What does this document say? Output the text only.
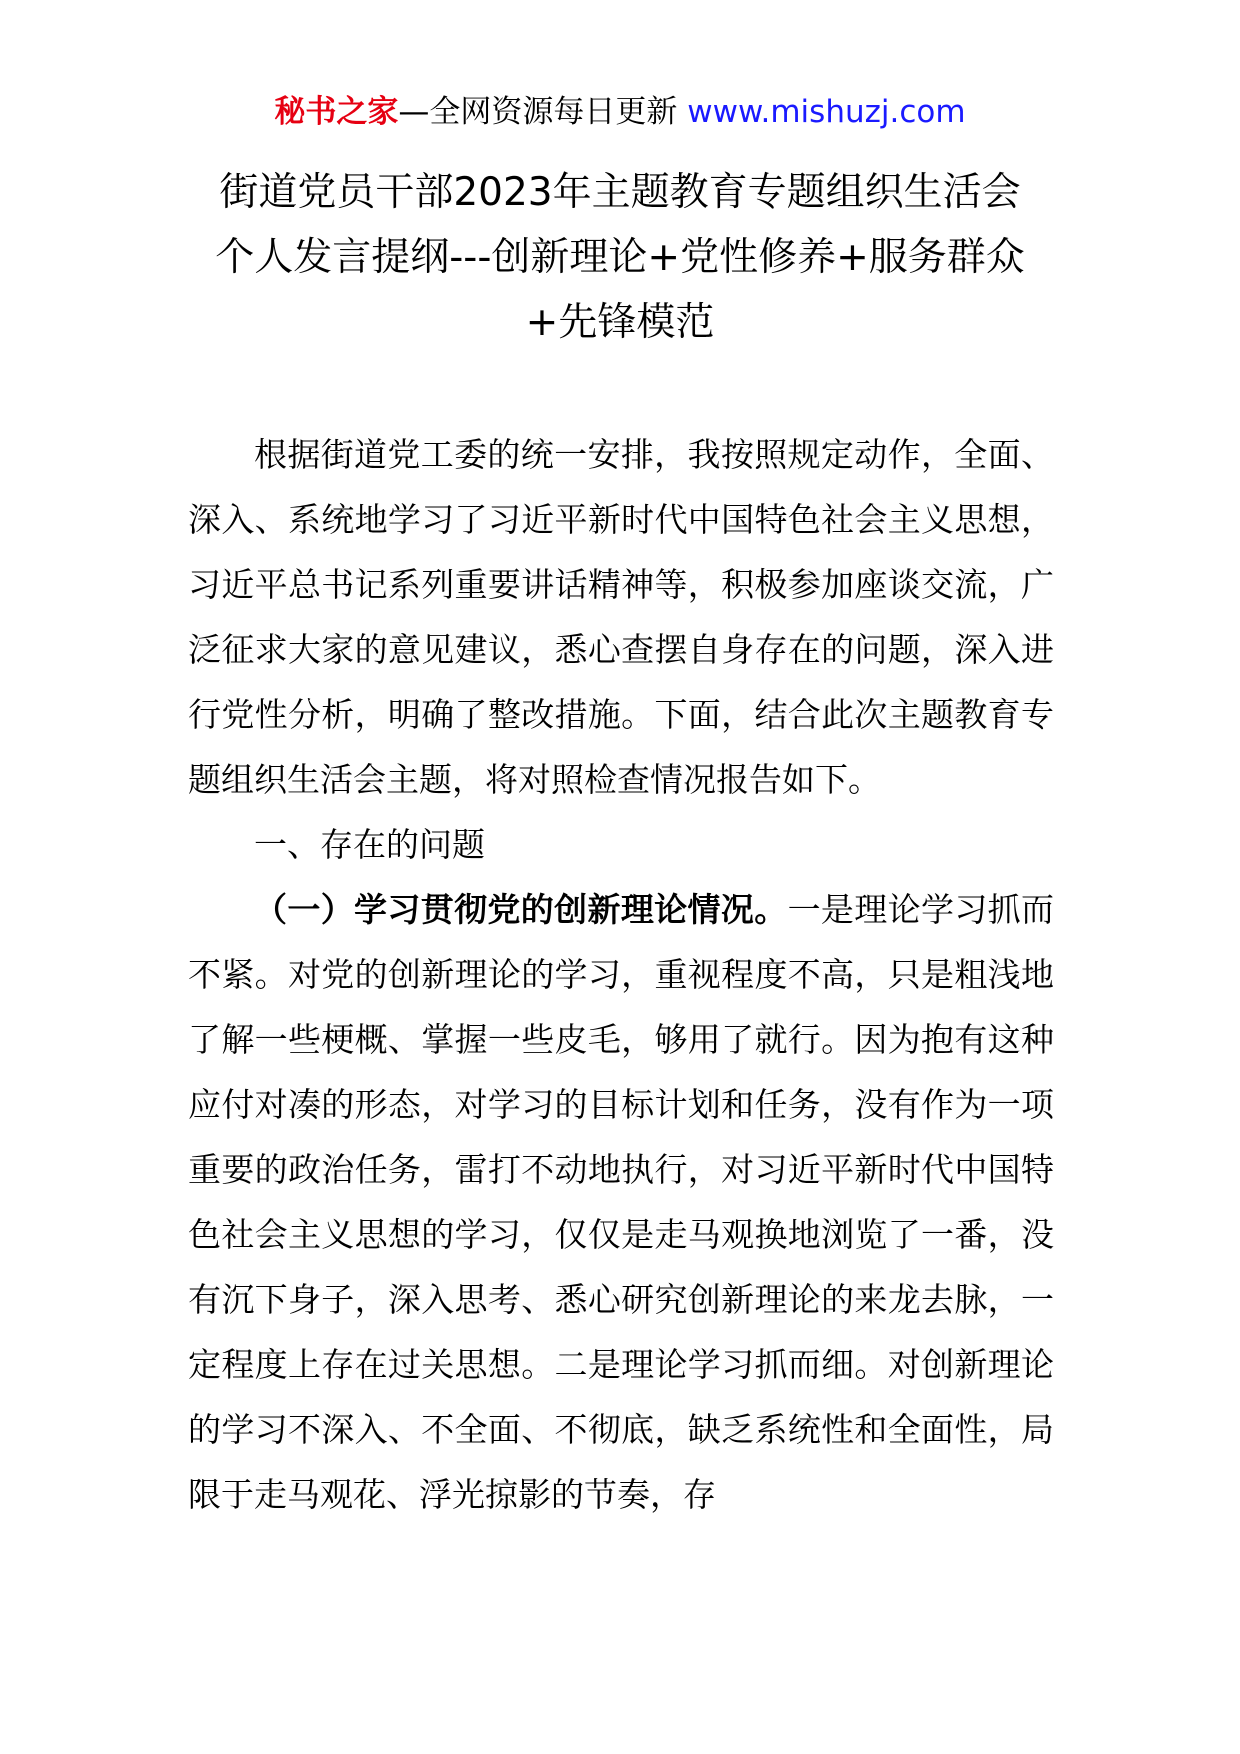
秘书之家—全网资源每日更新 www.mishuzj.com
街道党员干部2023年主题教育专题组织生活会
个人发言提纲---创新理论+党性修养+服务群众
+先锋模范

根据街道党工委的统一安排，我按照规定动作，全面、深入、系统地学习了习近平新时代中国特色社会主义思想，习近平总书记系列重要讲话精神等，积极参加座谈交流，广泛征求大家的意见建议，悉心查摆自身存在的问题，深入进行党性分析，明确了整改措施。下面，结合此次主题教育专题组织生活会主题，将对照检查情况报告如下。

一、存在的问题

（一）学习贯彻党的创新理论情况。一是理论学习抓而不紧。对党的创新理论的学习，重视程度不高，只是粗浅地了解一些梗概、掌握一些皮毛，够用了就行。因为抱有这种应付对凑的形态，对学习的目标计划和任务，没有作为一项重要的政治任务，雷打不动地执行，对习近平新时代中国特色社会主义思想的学习，仅仅是走马观换地浏览了一番，没有沉下身子，深入思考、悉心研究创新理论的来龙去脉，一定程度上存在过关思想。二是理论学习抓而细。对创新理论的学习不深入、不全面、不彻底，缺乏系统性和全面性，局限于走马观花、浮光掠影的节奏，存
